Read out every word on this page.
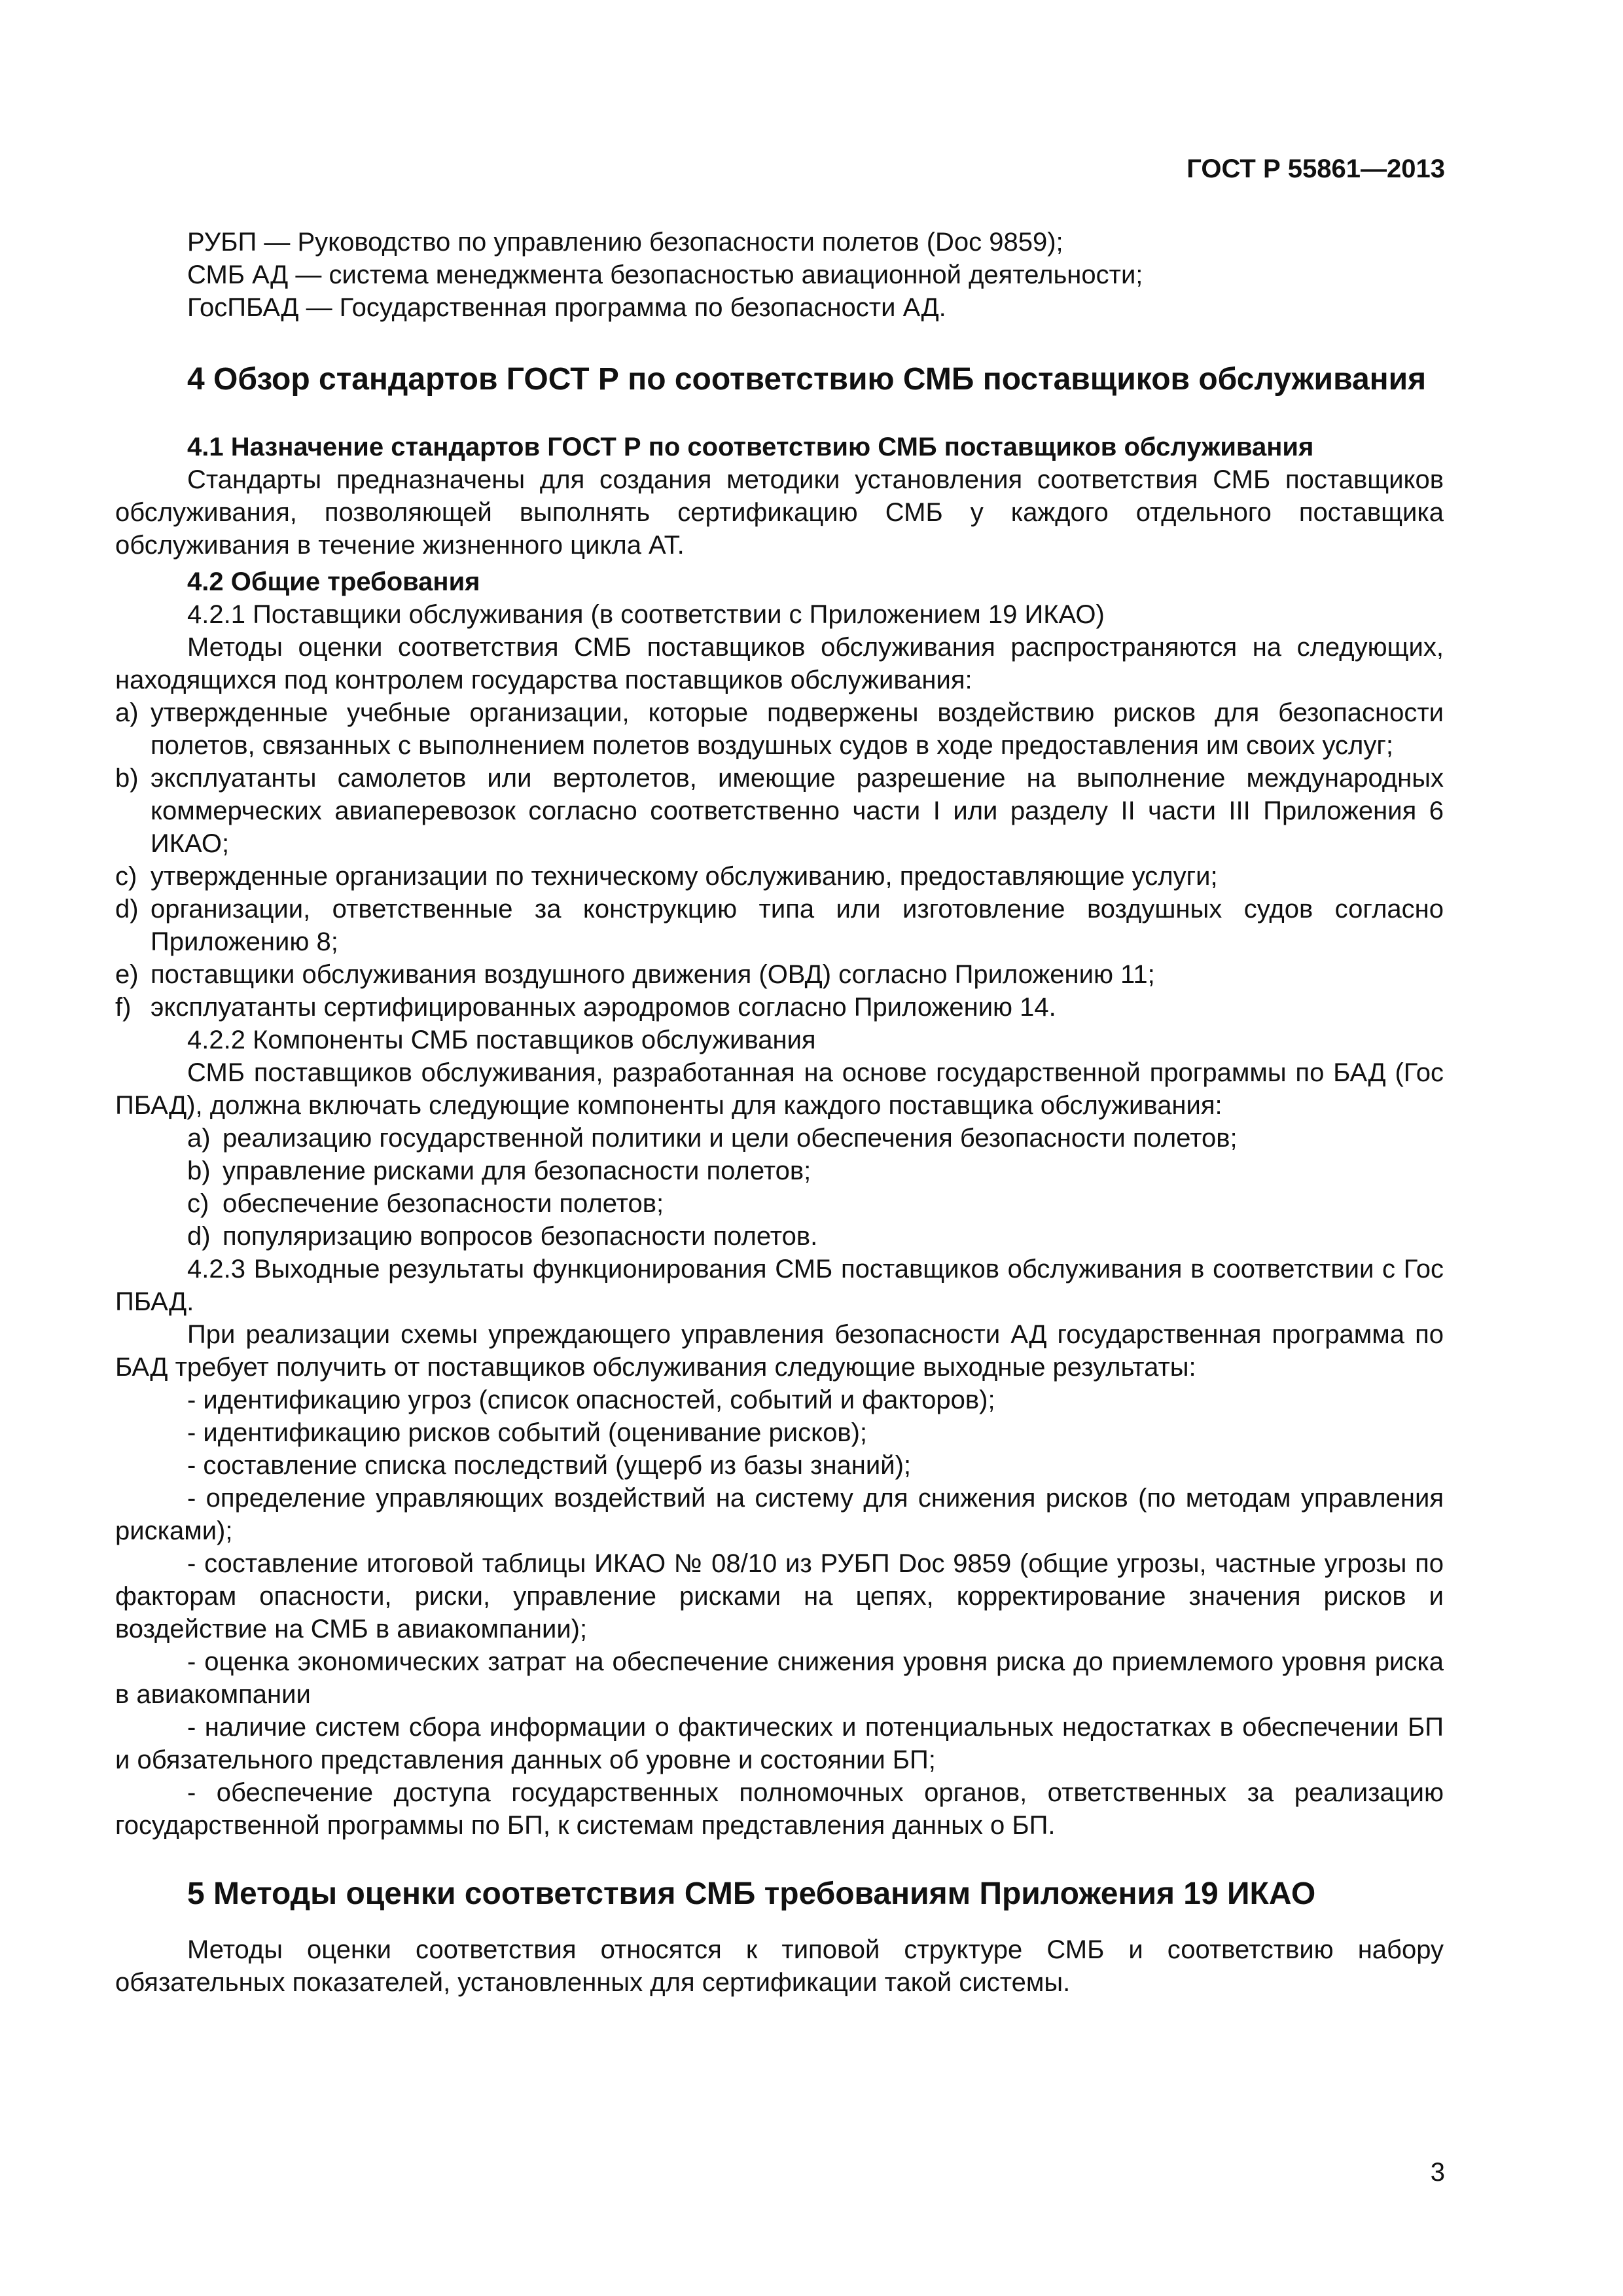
ГОСТ Р 55861—2013

РУБП — Руководство по управлению безопасности полетов (Doc 9859);

СМБ АД — система менеджмента безопасностью авиационной деятельности;

ГосПБАД — Государственная программа по безопасности АД.

4 Обзор стандартов ГОСТ Р по соответствию СМБ поставщиков обслуживания
4.1 Назначение стандартов ГОСТ Р по соответствию СМБ поставщиков обслуживания

Стандарты предназначены для создания методики установления соответствия СМБ поставщиков обслуживания, позволяющей выполнять сертификацию СМБ у каждого отдельного поставщика обслуживания в течение жизненного цикла АТ.

4.2 Общие требования

4.2.1 Поставщики обслуживания (в соответствии с Приложением 19 ИКАО)

Методы оценки соответствия СМБ поставщиков обслуживания распространяются на следующих, находящихся под контролем государства поставщиков обслуживания:

a) утвержденные учебные организации, которые подвержены воздействию рисков для безопасности полетов, связанных с выполнением полетов воздушных судов в ходе предоставления им своих услуг;
b) эксплуатанты самолетов или вертолетов, имеющие разрешение на выполнение международных коммерческих авиаперевозок согласно соответственно части I или разделу II части III Приложения 6 ИКАО;
c) утвержденные организации по техническому обслуживанию, предоставляющие услуги;
d) организации, ответственные за конструкцию типа или изготовление воздушных судов согласно Приложению 8;
e) поставщики обслуживания воздушного движения (ОВД) согласно Приложению 11;
f) эксплуатанты сертифицированных аэродромов согласно Приложению 14.

4.2.2 Компоненты СМБ поставщиков обслуживания

СМБ поставщиков обслуживания, разработанная на основе государственной программы по БАД (Гос ПБАД), должна включать следующие компоненты для каждого поставщика обслуживания:

a) реализацию государственной политики и цели обеспечения безопасности полетов;
b) управление рисками для безопасности полетов;
c) обеспечение безопасности полетов;
d) популяризацию вопросов безопасности полетов.

4.2.3 Выходные результаты функционирования СМБ поставщиков обслуживания в соответствии с Гос ПБАД.

При реализации схемы упреждающего управления безопасности АД государственная программа по БАД требует получить от поставщиков обслуживания следующие выходные результаты:

- идентификацию угроз (список опасностей, событий и факторов);

- идентификацию рисков событий (оценивание рисков);

- составление списка последствий (ущерб из базы знаний);

- определение управляющих воздействий на систему для снижения рисков (по методам управления рисками);

- составление итоговой таблицы ИКАО № 08/10 из РУБП Doc 9859 (общие угрозы, частные угрозы по факторам опасности, риски, управление рисками на цепях, корректирование значения рисков и воздействие на СМБ в авиакомпании);

- оценка экономических затрат на обеспечение снижения уровня риска до приемлемого уровня риска в авиакомпании

- наличие систем сбора информации о фактических и потенциальных недостатках в обеспечении БП и обязательного представления данных об уровне и состоянии БП;

- обеспечение доступа государственных полномочных органов, ответственных за реализацию государственной программы по БП, к системам представления данных о БП.

5 Методы оценки соответствия СМБ требованиям Приложения 19 ИКАО

Методы оценки соответствия относятся к типовой структуре СМБ и соответствию набору обязательных показателей, установленных для сертификации такой системы.

3
